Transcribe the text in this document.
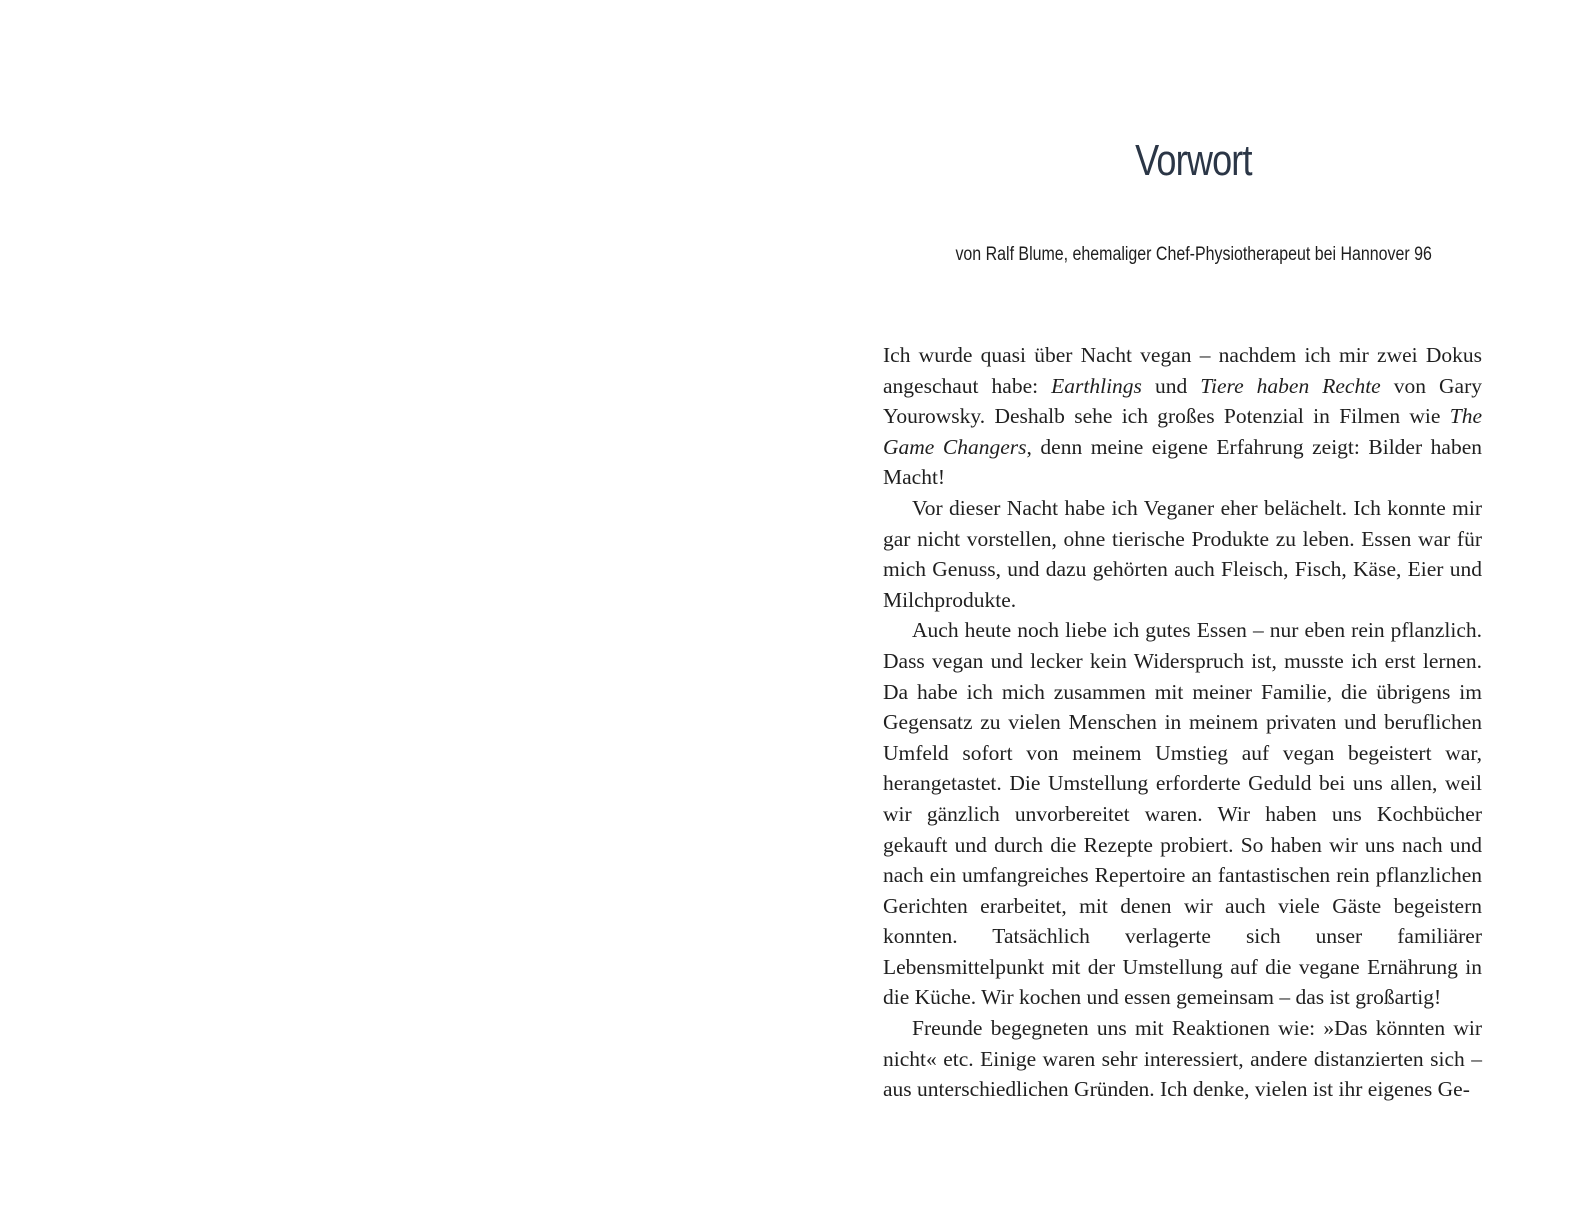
Vorwort
von Ralf Blume, ehemaliger Chef-Physiotherapeut bei Hannover 96

Ich wurde quasi über Nacht vegan – nachdem ich mir zwei Dokus angeschaut habe: Earthlings und Tiere haben Rechte von Gary Yourowsky. Deshalb sehe ich großes Potenzial in Filmen wie The Game Changers, denn meine eigene Erfahrung zeigt: Bilder haben Macht!

Vor dieser Nacht habe ich Veganer eher belächelt. Ich konnte mir gar nicht vorstellen, ohne tierische Produkte zu leben. Essen war für mich Genuss, und dazu gehörten auch Fleisch, Fisch, Käse, Eier und Milchprodukte.

Auch heute noch liebe ich gutes Essen – nur eben rein pflanzlich. Dass vegan und lecker kein Widerspruch ist, musste ich erst lernen. Da habe ich mich zusammen mit meiner Familie, die übrigens im Gegensatz zu vielen Menschen in meinem privaten und beruflichen Umfeld sofort von meinem Umstieg auf vegan begeistert war, herangetastet. Die Umstellung erforderte Geduld bei uns allen, weil wir gänzlich unvorbereitet waren. Wir haben uns Kochbücher gekauft und durch die Rezepte probiert. So haben wir uns nach und nach ein umfangreiches Repertoire an fantastischen rein pflanzlichen Gerichten erarbeitet, mit denen wir auch viele Gäste begeistern konnten. Tatsächlich verlagerte sich unser familiärer Lebensmittelpunkt mit der Umstellung auf die vegane Ernährung in die Küche. Wir kochen und essen gemeinsam – das ist großartig!

Freunde begegneten uns mit Reaktionen wie: »Das könnten wir nicht« etc. Einige waren sehr interessiert, andere distanzierten sich – aus unterschiedlichen Gründen. Ich denke, vielen ist ihr eigenes Ge-
